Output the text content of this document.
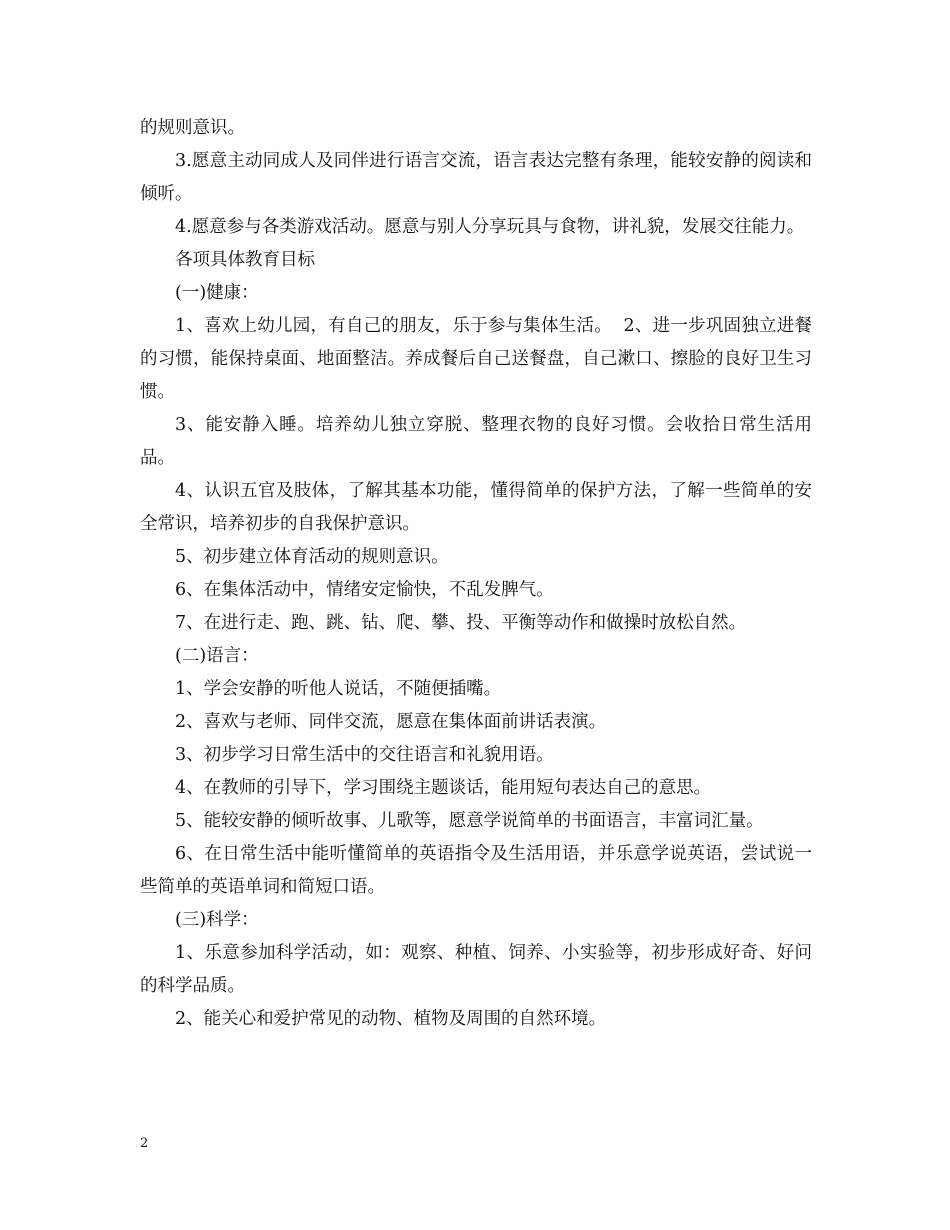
的规则意识。

3.愿意主动同成人及同伴进行语言交流，语言表达完整有条理，能较安静的阅读和倾听。

4.愿意参与各类游戏活动。愿意与别人分享玩具与食物，讲礼貌，发展交往能力。

各项具体教育目标

(一)健康：

1、喜欢上幼儿园，有自己的朋友，乐于参与集体生活。  2、进一步巩固独立进餐的习惯，能保持桌面、地面整洁。养成餐后自己送餐盘，自己漱口、擦脸的良好卫生习惯。

3、能安静入睡。培养幼儿独立穿脱、整理衣物的良好习惯。会收拾日常生活用品。

4、认识五官及肢体，了解其基本功能，懂得简单的保护方法，了解一些简单的安全常识，培养初步的自我保护意识。

5、初步建立体育活动的规则意识。

6、在集体活动中，情绪安定愉快，不乱发脾气。

7、在进行走、跑、跳、钻、爬、攀、投、平衡等动作和做操时放松自然。

(二)语言：

1、学会安静的听他人说话，不随便插嘴。

2、喜欢与老师、同伴交流，愿意在集体面前讲话表演。

3、初步学习日常生活中的交往语言和礼貌用语。

4、在教师的引导下，学习围绕主题谈话，能用短句表达自己的意思。

5、能较安静的倾听故事、儿歌等，愿意学说简单的书面语言，丰富词汇量。

6、在日常生活中能听懂简单的英语指令及生活用语，并乐意学说英语，尝试说一些简单的英语单词和简短口语。

(三)科学：

1、乐意参加科学活动，如：观察、种植、饲养、小实验等，初步形成好奇、好问的科学品质。

2、能关心和爱护常见的动物、植物及周围的自然环境。

2
